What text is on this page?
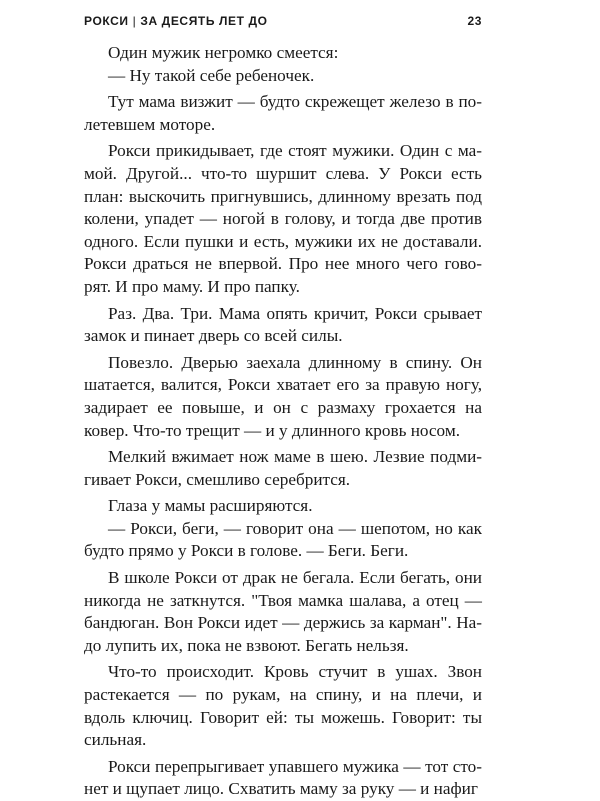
РОКСИ | ЗА ДЕСЯТЬ ЛЕТ ДО	23

Один мужик негромко смеется:

— Ну такой себе ребеночек.

Тут мама визжит — будто скрежещет железо в полетевшем моторе.

Рокси прикидывает, где стоят мужики. Один с мамой. Другой... что-то шуршит слева. У Рокси есть план: выскочить пригнувшись, длинному врезать под колени, упадет — ногой в голову, и тогда две против одного. Если пушки и есть, мужики их не доставали. Рокси драться не впервой. Про нее много чего говорят. И про маму. И про папку.

Раз. Два. Три. Мама опять кричит, Рокси срывает замок и пинает дверь со всей силы.

Повезло. Дверью заехала длинному в спину. Он шатается, валится, Рокси хватает его за правую ногу, задирает ее повыше, и он с размаху грохается на ковер. Что-то трещит — и у длинного кровь носом.

Мелкий вжимает нож маме в шею. Лезвие подмигивает Рокси, смешливо серебрится.

Глаза у мамы расширяются.

— Рокси, беги, — говорит она — шепотом, но как будто прямо у Рокси в голове. — Беги. Беги.

В школе Рокси от драк не бегала. Если бегать, они никогда не заткнутся. "Твоя мамка шалава, а отец — бандюган. Вон Рокси идет — держись за карман". Надо лупить их, пока не взвоют. Бегать нельзя.

Что-то происходит. Кровь стучит в ушах. Звон растекается — по рукам, на спину, и на плечи, и вдоль ключиц. Говорит ей: ты можешь. Говорит: ты сильная.

Рокси перепрыгивает упавшего мужика — тот стонет и щупает лицо. Схватить маму за руку — и нафиг
